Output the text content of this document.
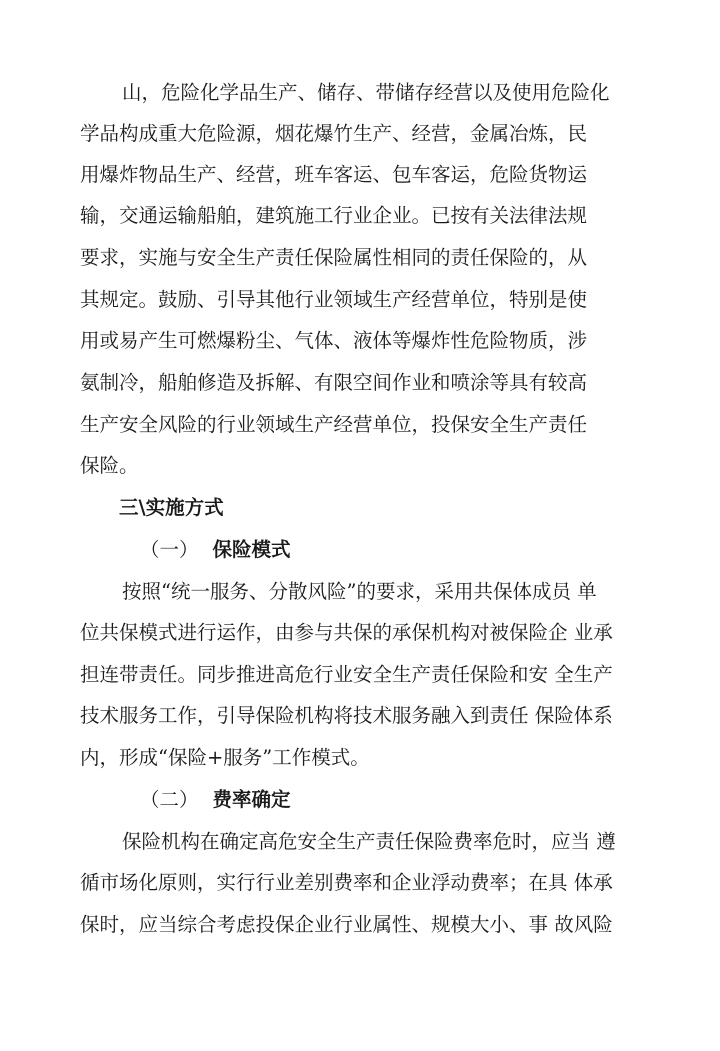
山，危险化学品生产、储存、带储存经营以及使用危险化
学品构成重大危险源，烟花爆竹生产、经营，金属冶炼，民
用爆炸物品生产、经营，班车客运、包车客运，危险货物运
输，交通运输船舶，建筑施工行业企业。已按有关法律法规
要求，实施与安全生产责任保险属性相同的责任保险的，从
其规定。鼓励、引导其他行业领域生产经营单位，特别是使
用或易产生可燃爆粉尘、气体、液体等爆炸性危险物质，涉
氨制冷，船舶修造及拆解、有限空间作业和喷涂等具有较高
生产安全风险的行业领域生产经营单位，投保安全生产责任
保险。
三\实施方式
（一） 保险模式
按照“统一服务、分散风险”的要求，采用共保体成员 单
位共保模式进行运作，由参与共保的承保机构对被保险企 业承
担连带责任。同步推进高危行业安全生产责任保险和安 全生产
技术服务工作，引导保险机构将技术服务融入到责任 保险体系
内，形成“保险+服务”工作模式。
（二） 费率确定
保险机构在确定高危安全生产责任保险费率危时，应当 遵
循市场化原则，实行行业差别费率和企业浮动费率；在具 体承
保时，应当综合考虑投保企业行业属性、规模大小、事 故风险
